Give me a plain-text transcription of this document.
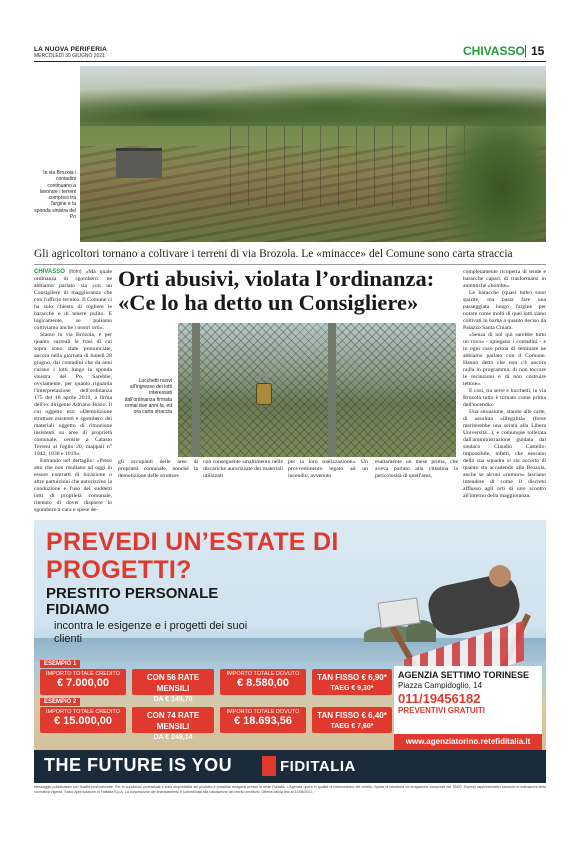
LA NUOVA PERIFERIA
MERCOLEDÌ 30 GIUGNO 2021	CHIVASSO 15
In via Brozola i contadini continuano a lavorare i terreni compresi tra l'argine e la sponda sinistra del Po
Gli agricoltori tornano a coltivare i terreni di via Brozola. Le «minacce» del Comune sono carta straccia

CHIVASSO (ltom) «Ma quale ordinanza di sgombero: ne abbiamo parlato sia con un Consigliere di maggioranza che con l'ufficio tecnico. Il Comune ci ha solo chiesto di togliere le baracche e di tenere pulito. E logicamente, se puliamo coltiviamo anche i nostri orti».

Siamo in via Brozola, e per quanto surreali le frasi di cui sopra sono state pronunciate, ancora nella giornata di lunedì 28 giugno, dai contadini che da anni curano i lotti lungo la sponda sinistra del Po. Sarebbe, ovviamente, per quanto riguarda l'interpretazione dell'ordinanza 175 del 18 aprile 2019, a firma dell'ex dirigente Adriano Bosio. Il cui oggetto era: «Demolizione strutture esistenti e sgombero dei materiali oggetto di rimozione insistenti su aree di proprietà comunale, censite a Catasto Terreni al foglio 20, mappali n° 1042, 1038 e 1019».

Entrando nel dettaglio: «Preso atto che non risultano ad oggi in essere contratti di locazione o altre pattuizioni che autorizzino la conduzione e l'uso dei suddetti lotti di proprietà comunale, ritenuto di dover disporre lo sgombero a cura e spese de-

Orti abusivi, violata l’ordinanza: «Ce lo ha detto un Consigliere»
Lucchetti nuovi all'ingresso dei lotti interessati dall'ordinanza firmata ormai due anni fa, ed ora carta straccia
gli occupanti delle aree di proprietà comunale, nonché la demolizione delle strutture
con conseguente smaltimento nelle discariche autorizzate dei materiali utilizzati
per la loro realizzazione». Un provvedimento legato ad un incendio, avvenuto
esattamente un mese prima, che aveva portato alla cittadina la pericolosità di quell'area,

completamente ricoperta di tende e baracche capaci di trasformarsi in autentiche «bombe».

Le baracche (quasi tutte) sono sparite, ma basta fare una passeggiata lungo l'argine per notare come molti di quei lotti siano coltivati in barba a quanto deciso da Palazzo Santa Chiara.

«Senza di noi qui sarebbe tutto un rovo» - spiegano i contadini - e in ogni caso prima di seminare ne abbiamo parlato con il Comune. Hanno detto che non c'è ancora nulla in programma, di non toccare le recinzioni e di non costruire tettoie».

E così, tra serre e lucchetti, in via Brozola tutto è tornato come prima dell'incendio.

Una situazione, stando alle carte, di assoluta «illegalità» (forse meriterebbe una serata alla Libera Università...), e comunque tollerata dall'amministrazione guidata dal sindaco Claudio Castello: impossibile, infatti, che nessuno della sua squadra si sia accorto di quanto sta accadendo alla Brozola, anche se alcuni «rumors» lasciano intendere di come il discreto afflusso agli orti di uno scontro all'interno della maggioranza.

PREVEDI UN’ESTATE DI PROGETTI?
PRESTITO PERSONALE FIDIAMO
incontra le esigenze e i progetti dei suoi clienti
ESEMPIO 1
IMPORTO TOTALE CREDITO
€ 7.000,00	CON 56 RATE MENSILI
DA € 149,70
IMPORTO TOTALE DOVUTO
€ 8.580,00	TAN FISSO € 6,90*
TAEG € 9,30*
ESEMPIO 2
IMPORTO TOTALE CREDITO
€ 15.000,00	CON 74 RATE MENSILI
DA € 249,14
IMPORTO TOTALE DOVUTO
€ 18.693,56	TAN FISSO € 6,40*
TAEG € 7,60*
AGENZIA SETTIMO TORINESE
Piazza Campidoglio, 14
011/19456182
PREVENTIVI GRATUITI
www.agenziatorino.retefiditalia.it
THE FUTURE IS YOU	FIDITALIA
Messaggio pubblicitario con finalità promozionale. Per le condizioni contrattuali e sulla disponibilità del prodotto è possibile rivolgersi presso la sede Fiditalia. L'Agenzia opera in qualità di intermediario del credito. Spese di istruttoria ed erogazione comprese nel TAEG. Esempi rappresentativi secondo le indicazioni della normativa vigente. Salvo approvazione di Fiditalia S.p.A. La concessione del finanziamento è subordinata alla valutazione del merito creditizio. Offerta valida fino al 31/08/2021.
